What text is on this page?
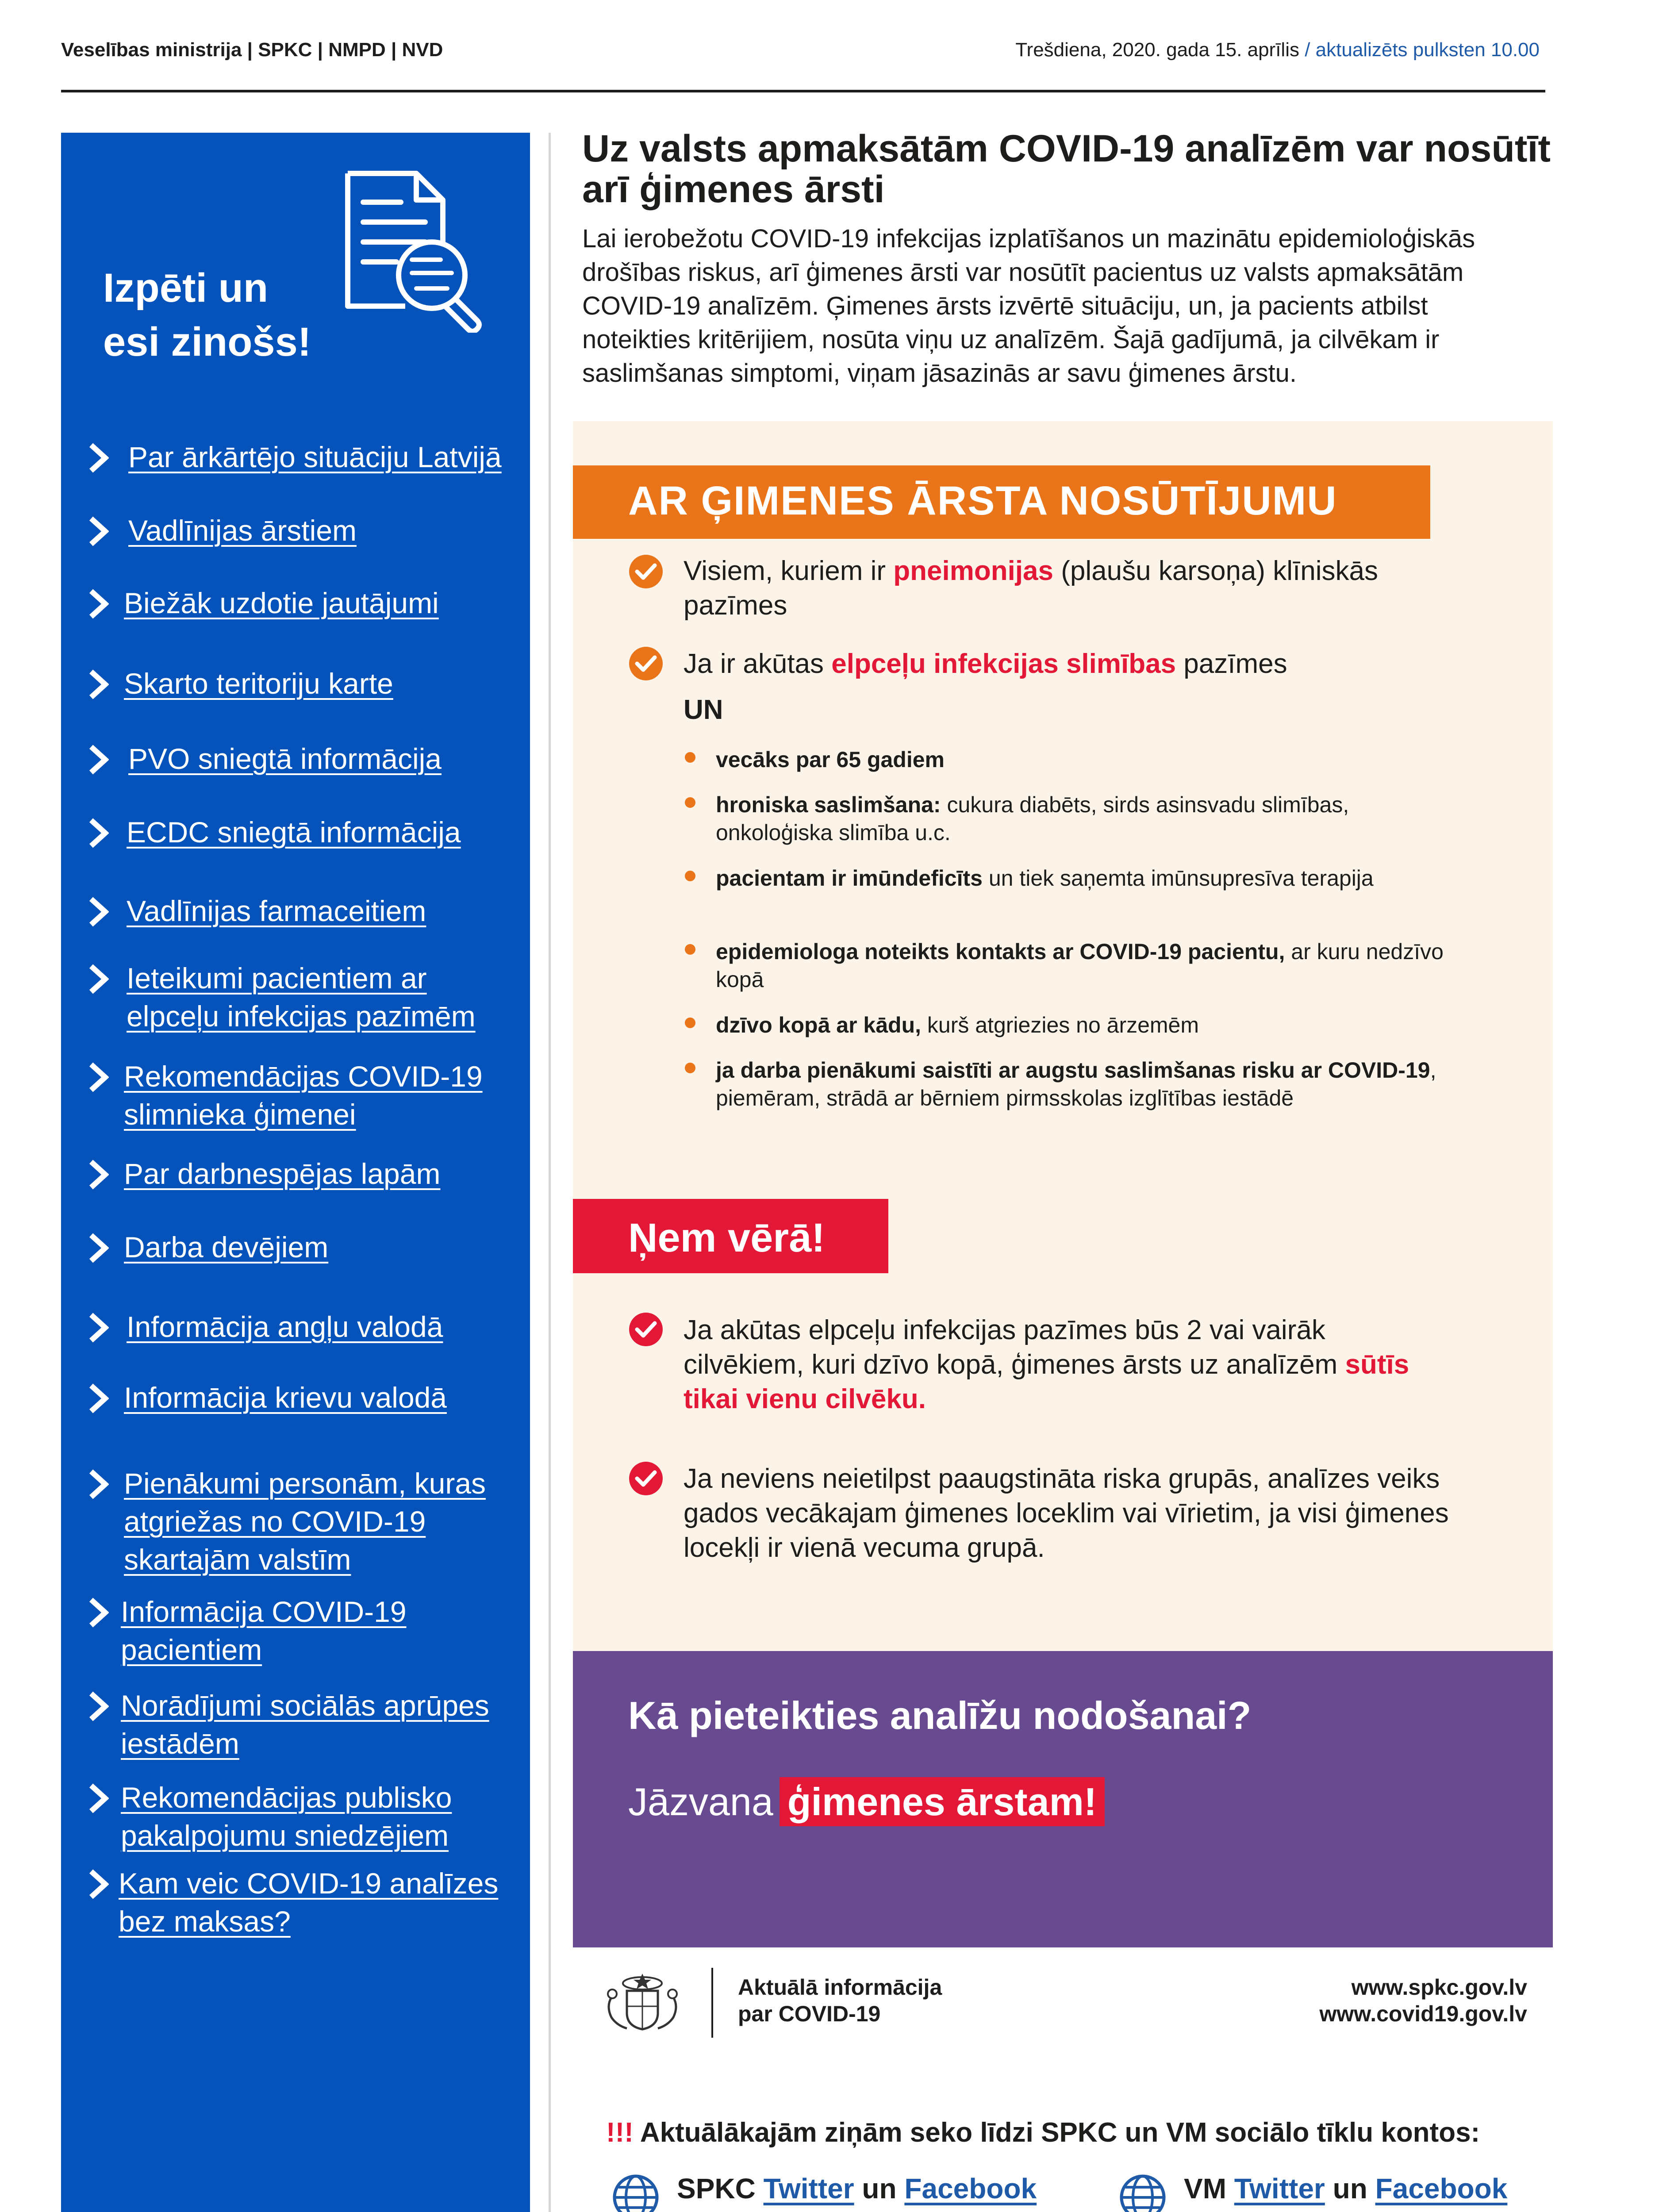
Veselības ministrija | SPKC | NMPD | NVD	Trešdiena, 2020. gada 15. aprīlis / aktualizēts pulksten 10.00
Izpēti un
esi zinošs!
Par ārkārtējo situāciju Latvijā
Vadlīnijas ārstiem
Biežāk uzdotie jautājumi
Skarto teritoriju karte
PVO sniegtā informācija
ECDC sniegtā informācija
Vadlīnijas farmaceitiem
Ieteikumi pacientiem ar elpceļu infekcijas pazīmēm
Rekomendācijas COVID-19 slimnieka ģimenei
Par darbnespējas lapām
Darba devējiem
Informācija angļu valodā
Informācija krievu valodā
Pienākumi personām, kuras atgriežas no COVID-19 skartajām valstīm
Informācija COVID-19 pacientiem
Norādījumi sociālās aprūpes iestādēm
Rekomendācijas publisko pakalpojumu sniedzējiem
Kam veic COVID-19 analīzes bez maksas?
Uz valsts apmaksātām COVID-19 analīzēm var nosūtīt arī ģimenes ārsti
Lai ierobežotu COVID-19 infekcijas izplatīšanos un mazinātu epidemioloģiskās drošības riskus, arī ģimenes ārsti var nosūtīt pacientus uz valsts apmaksātām COVID-19 analīzēm. Ģimenes ārsts izvērtē situāciju, un, ja pacients atbilst noteikties kritērijiem, nosūta viņu uz analīzēm. Šajā gadījumā, ja cilvēkam ir saslimšanas simptomi, viņam jāsazinās ar savu ģimenes ārstu.
AR ĢIMENES ĀRSTA NOSŪTĪJUMU
Visiem, kuriem ir pneimonijas (plaušu karsoņa) klīniskās pazīmes
Ja ir akūtas elpceļu infekcijas slimības pazīmes
UN
vecāks par 65 gadiem
hroniska saslimšana: cukura diabēts, sirds asinsvadu slimības, onkoloģiska slimība u.c.
pacientam ir imūndeficīts un tiek saņemta imūnsupresīva terapija
epidemiologa noteikts kontakts ar COVID-19 pacientu, ar kuru nedzīvo kopā
dzīvo kopā ar kādu, kurš atgriezies no ārzemēm
ja darba pienākumi saistīti ar augstu saslimšanas risku ar COVID-19, piemēram, strādā ar bērniem pirmsskolas izglītības iestādē
Ņem vērā!
Ja akūtas elpceļu infekcijas pazīmes būs 2 vai vairāk cilvēkiem, kuri dzīvo kopā, ģimenes ārsts uz analīzēm sūtīs tikai vienu cilvēku.
Ja neviens neietilpst paaugstināta riska grupās, analīzes veiks gados vecākajam ģimenes loceklim vai vīrietim, ja visi ģimenes locekļi ir vienā vecuma grupā.
Kā pieteikties analīžu nodošanai?
Jāzvana ģimenes ārstam!
Aktuālā informācija
par COVID-19
www.spkc.gov.lv
www.covid19.gov.lv
!!! Aktuālākajām ziņām seko līdzi SPKC un VM sociālo tīklu kontos:
SPKC Twitter un Facebook	VM Twitter un Facebook
